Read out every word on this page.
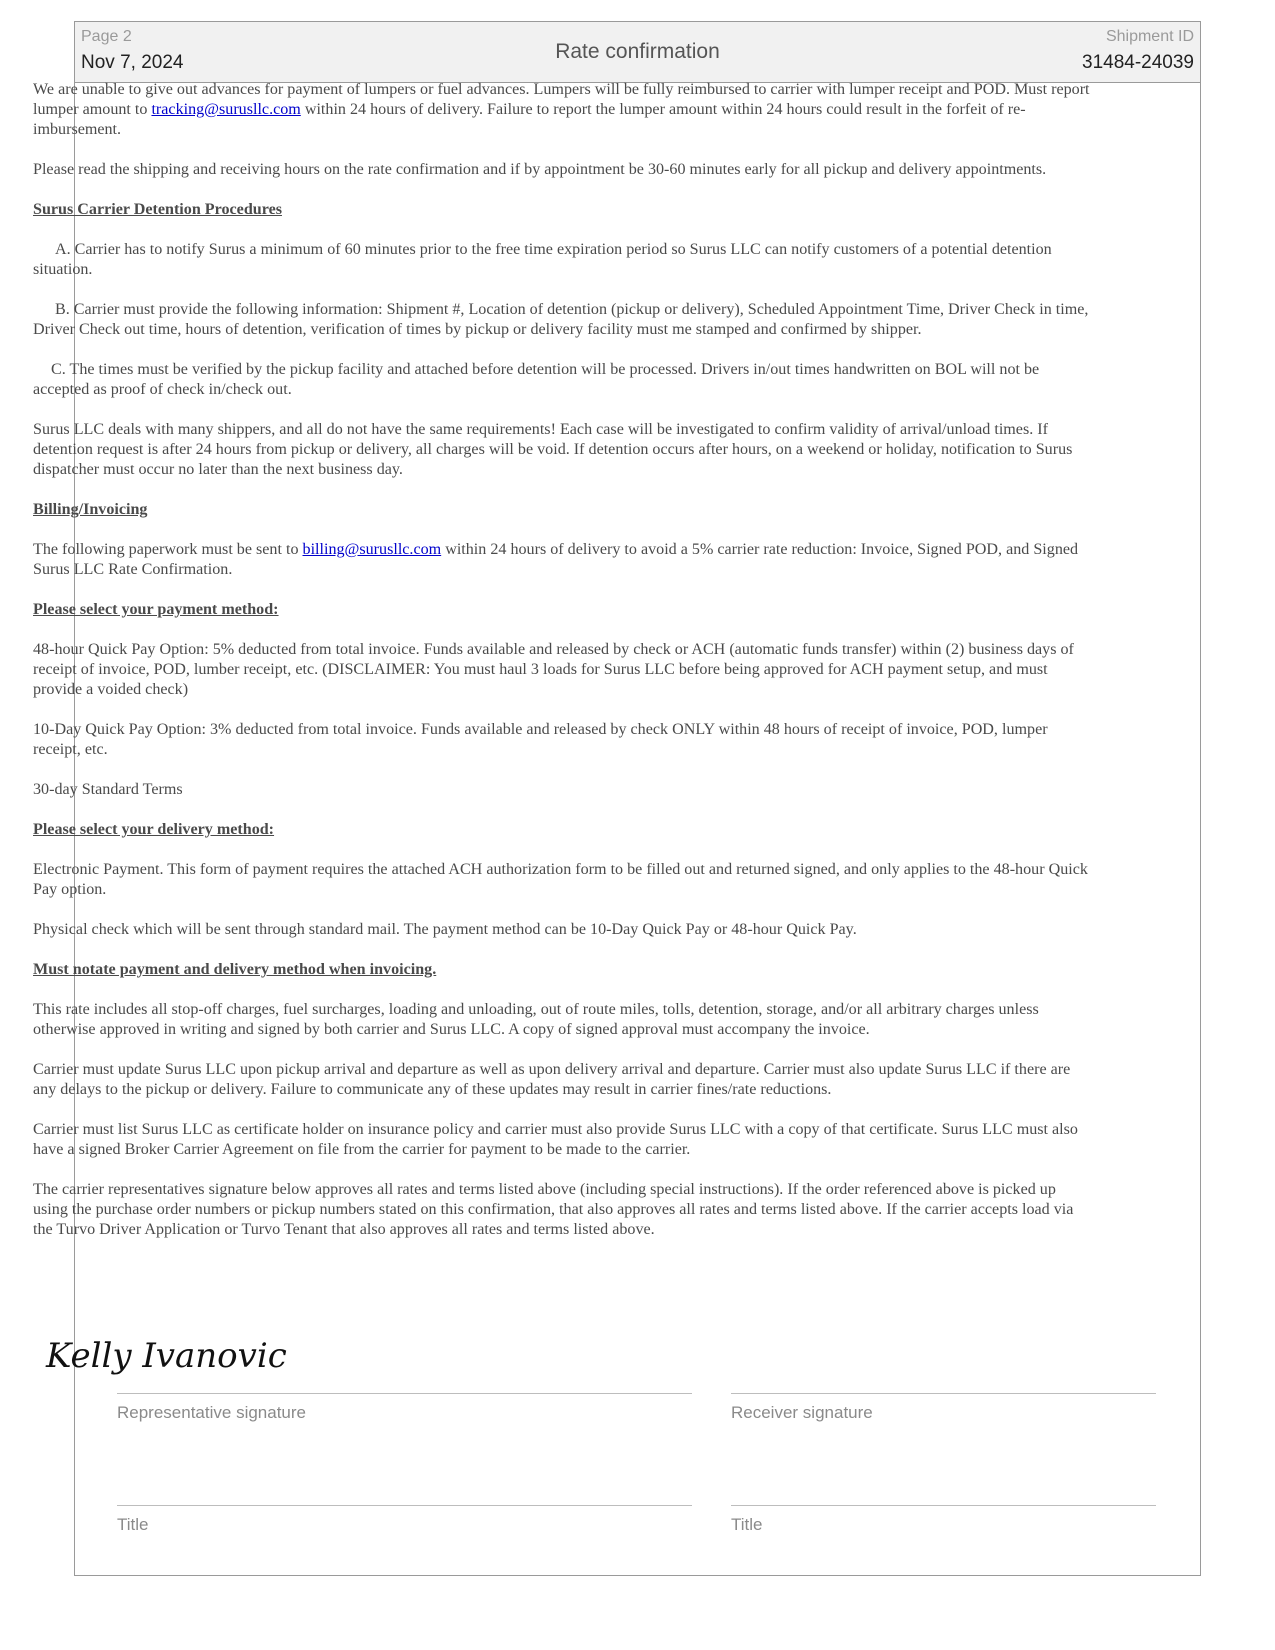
Page 2
Nov 7, 2024	Rate confirmation
Shipment ID
31484-24039

We are unable to give out advances for payment of lumpers or fuel advances. Lumpers will be fully reimbursed to carrier with lumper receipt and POD. Must report lumper amount to tracking@surusllc.com within 24 hours of delivery. Failure to report the lumper amount within 24 hours could result in the forfeit of re-imbursement.

Please read the shipping and receiving hours on the rate confirmation and if by appointment be 30-60 minutes early for all pickup and delivery appointments.

Surus Carrier Detention Procedures

A. Carrier has to notify Surus a minimum of 60 minutes prior to the free time expiration period so Surus LLC can notify customers of a potential detention situation.

B. Carrier must provide the following information: Shipment #, Location of detention (pickup or delivery), Scheduled Appointment Time, Driver Check in time, Driver Check out time, hours of detention, verification of times by pickup or delivery facility must me stamped and confirmed by shipper.

C. The times must be verified by the pickup facility and attached before detention will be processed. Drivers in/out times handwritten on BOL will not be accepted as proof of check in/check out.

Surus LLC deals with many shippers, and all do not have the same requirements! Each case will be investigated to confirm validity of arrival/unload times. If detention request is after 24 hours from pickup or delivery, all charges will be void. If detention occurs after hours, on a weekend or holiday, notification to Surus dispatcher must occur no later than the next business day.

Billing/Invoicing

The following paperwork must be sent to billing@surusllc.com within 24 hours of delivery to avoid a 5% carrier rate reduction: Invoice, Signed POD, and Signed Surus LLC Rate Confirmation.

Please select your payment method:

48-hour Quick Pay Option: 5% deducted from total invoice. Funds available and released by check or ACH (automatic funds transfer) within (2) business days of receipt of invoice, POD, lumber receipt, etc. (DISCLAIMER: You must haul 3 loads for Surus LLC before being approved for ACH payment setup, and must provide a voided check)

10-Day Quick Pay Option: 3% deducted from total invoice. Funds available and released by check ONLY within 48 hours of receipt of invoice, POD, lumper receipt, etc.

30-day Standard Terms

Please select your delivery method:

Electronic Payment. This form of payment requires the attached ACH authorization form to be filled out and returned signed, and only applies to the 48-hour Quick Pay option.

Physical check which will be sent through standard mail. The payment method can be 10-Day Quick Pay or 48-hour Quick Pay.

Must notate payment and delivery method when invoicing.

This rate includes all stop-off charges, fuel surcharges, loading and unloading, out of route miles, tolls, detention, storage, and/or all arbitrary charges unless otherwise approved in writing and signed by both carrier and Surus LLC. A copy of signed approval must accompany the invoice.

Carrier must update Surus LLC upon pickup arrival and departure as well as upon delivery arrival and departure. Carrier must also update Surus LLC if there are any delays to the pickup or delivery. Failure to communicate any of these updates may result in carrier fines/rate reductions.

Carrier must list Surus LLC as certificate holder on insurance policy and carrier must also provide Surus LLC with a copy of that certificate. Surus LLC must also have a signed Broker Carrier Agreement on file from the carrier for payment to be made to the carrier.

The carrier representatives signature below approves all rates and terms listed above (including special instructions). If the order referenced above is picked up using the purchase order numbers or pickup numbers stated on this confirmation, that also approves all rates and terms listed above. If the carrier accepts load via the Turvo Driver Application or Turvo Tenant that also approves all rates and terms listed above.

Kelly Ivanovic
Representative signature	Receiver signature
Title	Title
